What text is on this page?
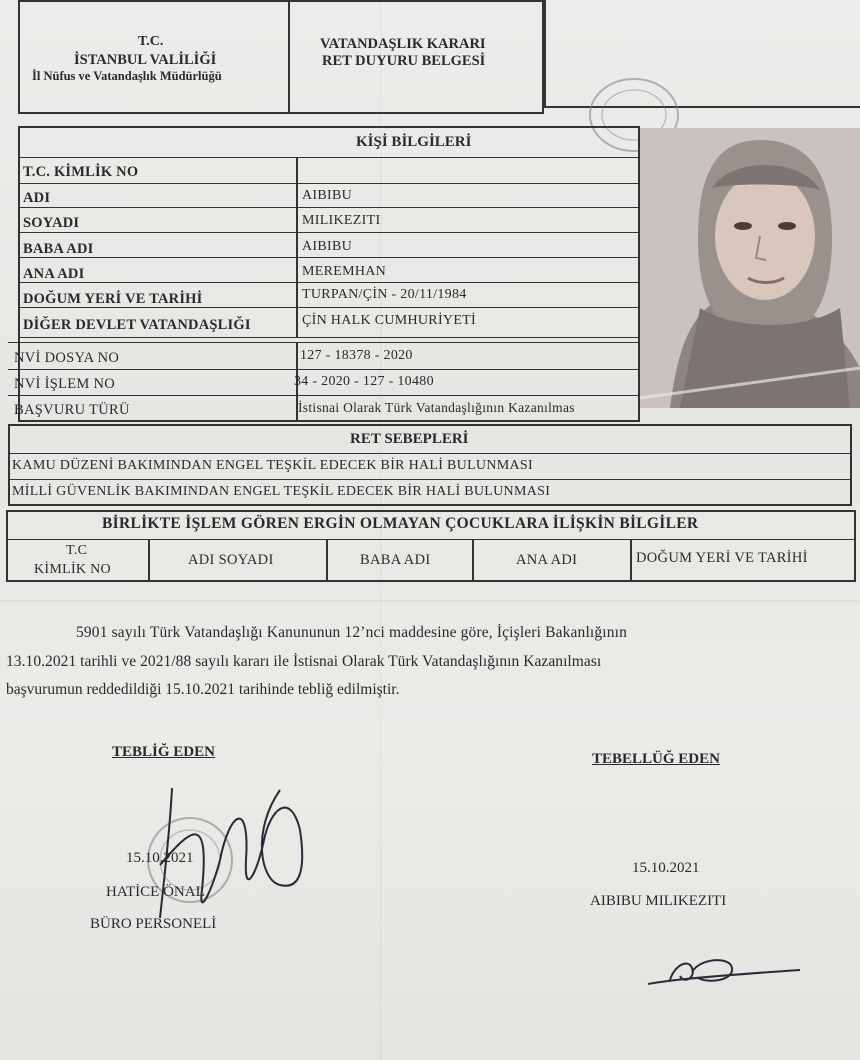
T.C.
İSTANBUL VALİLİĞİ
İl Nüfus ve Vatandaşlık Müdürlüğü
VATANDAŞLIK KARARI
RET DUYURU BELGESİ
KİŞİ BİLGİLERİ
T.C. KİMLİK NO
ADI	AIBIBU
SOYADI	MILIKEZITI
BABA ADI	AIBIBU
ANA ADI	MEREMHAN
DOĞUM YERİ VE TARİHİ	TURPAN/ÇİN - 20/11/1984
DİĞER DEVLET VATANDAŞLIĞI	ÇİN HALK CUMHURİYETİ
NVİ DOSYA NO	127 - 18378 - 2020
NVİ İŞLEM NO	34 - 2020 - 127 - 10480
BAŞVURU TÜRÜ	İstisnai Olarak Türk Vatandaşlığının Kazanılmas
RET SEBEPLERİ
KAMU DÜZENİ BAKIMINDAN ENGEL TEŞKİL EDECEK BİR HALİ BULUNMASI
MİLLİ GÜVENLİK BAKIMINDAN ENGEL TEŞKİL EDECEK BİR HALİ BULUNMASI
BİRLİKTE İŞLEM GÖREN ERGİN OLMAYAN ÇOCUKLARA İLİŞKİN BİLGİLER
T.C
KİMLİK NO
ADI SOYADI	BABA ADI	ANA ADI	DOĞUM YERİ VE TARİHİ
5901 sayılı Türk Vatandaşlığı Kanununun 12’nci maddesine göre, İçişleri Bakanlığının
13.10.2021 tarihli ve 2021/88 sayılı kararı ile İstisnai Olarak Türk Vatandaşlığının Kazanılması
başvurumun reddedildiği 15.10.2021 tarihinde tebliğ edilmiştir.
TEBLİĞ EDEN
15.10.2021
HATİCE ÖNAL
BÜRO PERSONELİ
TEBELLÜĞ EDEN
15.10.2021
AIBIBU MILIKEZITI
